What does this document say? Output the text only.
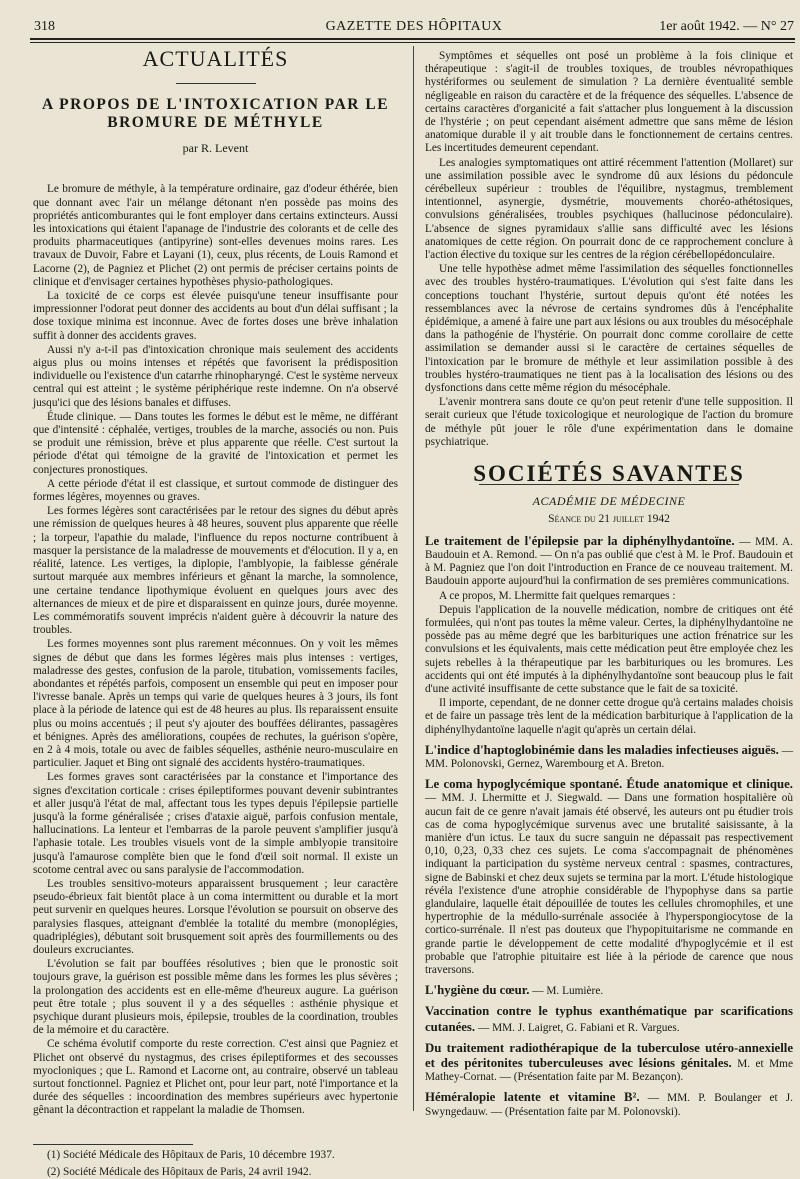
318	GAZETTE DES HÔPITAUX	1er août 1942. — N° 27
ACTUALITÉS
A PROPOS DE L'INTOXICATION PAR LE BROMURE DE MÉTHYLE
par R. Levent

Le bromure de méthyle, à la température ordinaire, gaz d'odeur éthérée, bien que donnant avec l'air un mélange détonant n'en possède pas moins des propriétés anticomburantes qui le font employer dans certains extincteurs. Aussi les intoxications qui étaient l'apanage de l'industrie des colorants et de celle des produits pharmaceutiques (antipyrine) sont-elles devenues moins rares. Les travaux de Duvoir, Fabre et Layani (1), ceux, plus récents, de Louis Ramond et Lacorne (2), de Pagniez et Plichet (2) ont permis de préciser certains points de clinique et d'envisager certaines hypothèses physio-pathologiques.

La toxicité de ce corps est élevée puisqu'une teneur insuffisante pour impressionner l'odorat peut donner des accidents au bout d'un délai suffisant ; la dose toxique minima est inconnue. Avec de fortes doses une brève inhalation suffit à donner des accidents graves.

Aussi n'y a-t-il pas d'intoxication chronique mais seulement des accidents aigus plus ou moins intenses et répétés que favorisent la prédisposition individuelle ou l'existence d'un catarrhe rhinopharyngé. C'est le système nerveux central qui est atteint ; le système périphérique reste indemne. On n'a observé jusqu'ici que des lésions banales et diffuses.

Étude clinique. — Dans toutes les formes le début est le même, ne différant que d'intensité : céphalée, vertiges, troubles de la marche, associés ou non. Puis se produit une rémission, brève et plus apparente que réelle. C'est surtout la période d'état qui témoigne de la gravité de l'intoxication et permet les conjectures pronostiques.

A cette période d'état il est classique, et surtout commode de distinguer des formes légères, moyennes ou graves.

Les formes légères sont caractérisées par le retour des signes du début après une rémission de quelques heures à 48 heures, souvent plus apparente que réelle ; la torpeur, l'apathie du malade, l'influence du repos nocturne contribuent à masquer la persistance de la maladresse de mouvements et d'élocution. Il y a, en réalité, latence. Les vertiges, la diplopie, l'amblyopie, la faiblesse générale surtout marquée aux membres inférieurs et gênant la marche, la somnolence, une certaine tendance lipothymique évoluent en quelques jours avec des alternances de mieux et de pire et disparaissent en quinze jours, durée moyenne. Les commémoratifs souvent imprécis n'aident guère à découvrir la nature des troubles.

Les formes moyennes sont plus rarement méconnues. On y voit les mêmes signes de début que dans les formes légères mais plus intenses : vertiges, maladresse des gestes, confusion de la parole, titubation, vomissements faciles, abondantes et répétés parfois, composent un ensemble qui peut en imposer pour l'ivresse banale. Après un temps qui varie de quelques heures à 3 jours, ils font place à la période de latence qui est de 48 heures au plus. Ils reparaissent ensuite plus ou moins accentués ; il peut s'y ajouter des bouffées délirantes, passagères et bénignes. Après des améliorations, coupées de rechutes, la guérison s'opère, en 2 à 4 mois, totale ou avec de faibles séquelles, asthénie neuro-musculaire en particulier. Jaquet et Bing ont signalé des accidents hystéro-traumatiques.

Les formes graves sont caractérisées par la constance et l'importance des signes d'excitation corticale : crises épileptiformes pouvant devenir subintrantes et aller jusqu'à l'état de mal, affectant tous les types depuis l'épilepsie partielle jusqu'à la forme généralisée ; crises d'ataxie aiguë, parfois confusion mentale, hallucinations. La lenteur et l'embarras de la parole peuvent s'amplifier jusqu'à l'aphasie totale. Les troubles visuels vont de la simple amblyopie transitoire jusqu'à l'amaurose complète bien que le fond d'œil soit normal. Il existe un scotome central avec ou sans paralysie de l'accommodation.

Les troubles sensitivo-moteurs apparaissent brusquement ; leur caractère pseudo-ébrieux fait bientôt place à un coma intermittent ou durable et la mort peut survenir en quelques heures. Lorsque l'évolution se poursuit on observe des paralysies flasques, atteignant d'emblée la totalité du membre (monoplégies, quadriplégies), débutant soit brusquement soit après des fourmillements ou des douleurs excruciantes.

L'évolution se fait par bouffées résolutives ; bien que le pronostic soit toujours grave, la guérison est possible même dans les formes les plus sévères ; la prolongation des accidents est en elle-même d'heureux augure. La guérison peut être totale ; plus souvent il y a des séquelles : asthénie physique et psychique durant plusieurs mois, épilepsie, troubles de la coordination, troubles de la mémoire et du caractère.

Ce schéma évolutif comporte du reste correction. C'est ainsi que Pagniez et Plichet ont observé du nystagmus, des crises épileptiformes et des secousses myocloniques ; que L. Ramond et Lacorne ont, au contraire, observé un tableau surtout fonctionnel. Pagniez et Plichet ont, pour leur part, noté l'importance et la durée des séquelles : incoordination des membres supérieurs avec hypertonie gênant la décontraction et rappelant la maladie de Thomsen.

(1) Société Médicale des Hôpitaux de Paris, 10 décembre 1937.

(2) Société Médicale des Hôpitaux de Paris, 24 avril 1942.

Symptômes et séquelles ont posé un problème à la fois clinique et thérapeutique : s'agit-il de troubles toxiques, de troubles névropathiques hystériformes ou seulement de simulation ? La dernière éventualité semble négligeable en raison du caractère et de la fréquence des séquelles. L'absence de certains caractères d'organicité a fait s'attacher plus longuement à la discussion de l'hystérie ; on peut cependant aisément admettre que sans même de lésion anatomique durable il y ait trouble dans le fonctionnement de certains centres. Les incertitudes demeurent cependant.

Les analogies symptomatiques ont attiré récemment l'attention (Mollaret) sur une assimilation possible avec le syndrome dû aux lésions du pédoncule cérébelleux supérieur : troubles de l'équilibre, nystagmus, tremblement intentionnel, asynergie, dysmétrie, mouvements choréo-athétosiques, convulsions généralisées, troubles psychiques (hallucinose pédonculaire). L'absence de signes pyramidaux s'allie sans difficulté avec les lésions anatomiques de cette région. On pourrait donc de ce rapprochement conclure à l'action élective du toxique sur les centres de la région cérébellopédonculaire.

Une telle hypothèse admet même l'assimilation des séquelles fonctionnelles avec des troubles hystéro-traumatiques. L'évolution qui s'est faite dans les conceptions touchant l'hystérie, surtout depuis qu'ont été notées les ressemblances avec la névrose de certains syndromes dûs à l'encéphalite épidémique, a amené à faire une part aux lésions ou aux troubles du mésocéphale dans la pathogénie de l'hystérie. On pourrait donc comme corollaire de cette assimilation se demander aussi si le caractère de certaines séquelles de l'intoxication par le bromure de méthyle et leur assimilation possible à des troubles hystéro-traumatiques ne tient pas à la localisation des lésions ou des dysfonctions dans cette même région du mésocéphale.

L'avenir montrera sans doute ce qu'on peut retenir d'une telle supposition. Il serait curieux que l'étude toxicologique et neurologique de l'action du bromure de méthyle pût jouer le rôle d'une expérimentation dans le domaine psychiatrique.

SOCIÉTÉS SAVANTES
ACADÉMIE DE MÉDECINE
Séance du 21 juillet 1942

Le traitement de l'épilepsie par la diphénylhydantoïne. — MM. A. Baudouin et A. Remond. — On n'a pas oublié que c'est à M. le Prof. Baudouin et à M. Pagniez que l'on doit l'introduction en France de ce nouveau traitement. M. Baudouin apporte aujourd'hui la confirmation de ses premières communications.

A ce propos, M. Lhermitte fait quelques remarques :

Depuis l'application de la nouvelle médication, nombre de critiques ont été formulées, qui n'ont pas toutes la même valeur. Certes, la diphénylhydantoïne ne possède pas au même degré que les barbituriques une action frénatrice sur les convulsions et les équivalents, mais cette médication peut être employée chez les sujets rebelles à la thérapeutique par les barbituriques ou les bromures. Les accidents qui ont été imputés à la diphénylhydantoïne sont beaucoup plus le fait d'une activité insuffisante de cette substance que le fait de sa toxicité.

Il importe, cependant, de ne donner cette drogue qu'à certains malades choisis et de faire un passage très lent de la médication barbiturique à l'application de la diphénylhydantoïne laquelle n'agit qu'après un certain délai.

L'indice d'haptoglobinémie dans les maladies infectieuses aiguës. — MM. Polonovski, Gernez, Warembourg et A. Breton.

Le coma hypoglycémique spontané. Étude anatomique et clinique. — MM. J. Lhermitte et J. Siegwald. — Dans une formation hospitalière où aucun fait de ce genre n'avait jamais été observé, les auteurs ont pu étudier trois cas de coma hypoglycémique survenus avec une brutalité saisissante, à la manière d'un ictus. Le taux du sucre sanguin ne dépassait pas respectivement 0,10, 0,23, 0,33 chez ces sujets. Le coma s'accompagnait de phénomènes indiquant la participation du système nerveux central : spasmes, contractures, signe de Babinski et chez deux sujets se termina par la mort. L'étude histologique révéla l'existence d'une atrophie considérable de l'hypophyse dans sa partie glandulaire, laquelle était dépouillée de toutes les cellules chromophiles, et une hypertrophie de la médullo-surrénale associée à l'hyperspongiocytose de la cortico-surrénale. Il n'est pas douteux que l'hypopituitarisme ne commande en grande partie le développement de cette modalité d'hypoglycémie et il est probable que l'atrophie pituitaire est liée à la période de carence que nous traversons.

L'hygiène du cœur. — M. Lumière.

Vaccination contre le typhus exanthématique par scarifications cutanées. — MM. J. Laigret, G. Fabiani et R. Vargues.

Du traitement radiothérapique de la tuberculose utéro-annexielle et des péritonites tuberculeuses avec lésions génitales. M. et Mme Mathey-Cornat. — (Présentation faite par M. Bezançon).

Héméralopie latente et vitamine B². — MM. P. Boulanger et J. Swyngedauw. — (Présentation faite par M. Polonovski).
